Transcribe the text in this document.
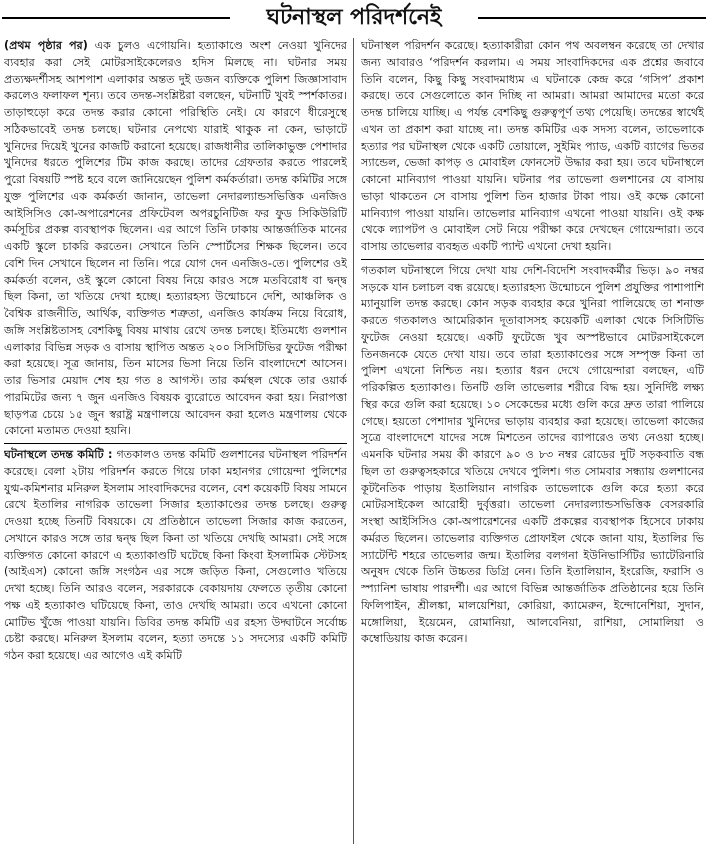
ঘটনাস্থল পরিদর্শনেই

(প্রথম পৃষ্ঠার পর) এক চুলও এগোয়নি। হত্যাকাণ্ডে অংশ নেওয়া খুনিদের ব্যবহার করা সেই মোটরসাইকেলেরও হদিস মিলছে না। ঘটনার সময় প্রত্যক্ষদর্শীসহ আশপাশ এলাকার অন্তত দুই ডজন ব্যক্তিকে পুলিশ জিজ্ঞাসাবাদ করলেও ফলাফল শূন্য। তবে তদন্ত-সংশ্লিষ্টরা বলছেন, ঘটনাটি খুবই স্পর্শকাতর। তাড়াহুড়ো করে তদন্ত করার কোনো পরিস্থিতি নেই। যে কারণে ধীরেসুস্থে সঠিকভাবেই তদন্ত চলছে। ঘটনার নেপথ্যে যারাই থাকুক না কেন, ভাড়াটে খুনিদের দিয়েই খুনের কাজটি করানো হয়েছে। রাজধানীর তালিকাভুক্ত পেশাদার খুনিদের ধরতে পুলিশের টিম কাজ করছে। তাদের গ্রেফতার করতে পারলেই পুরো বিষয়টি স্পষ্ট হবে বলে জানিয়েছেন পুলিশ কর্মকর্তারা। তদন্ত কমিটির সঙ্গে যুক্ত পুলিশের এক কর্মকর্তা জানান, তাভেলা নেদারল্যান্ডসভিত্তিক এনজিও আইসিসিও কো-অপারেশনের প্রফিটেবল অপরচুনিটিজ ফর ফুড সিকিউরিটি কর্মসূচির প্রকল্প ব্যবস্থাপক ছিলেন। এর আগে তিনি ঢাকায় আন্তর্জাতিক মানের একটি স্কুলে চাকরি করতেন। সেখানে তিনি স্পোর্টসের শিক্ষক ছিলেন। তবে বেশি দিন সেখানে ছিলেন না তিনি। পরে যোগ দেন এনজিও-তে। পুলিশের ওই কর্মকর্তা বলেন, ওই স্কুলে কোনো বিষয় নিয়ে কারও সঙ্গে মতবিরোধ বা দ্বন্দ্ব ছিল কিনা, তা খতিয়ে দেখা হচ্ছে। হত্যারহস্য উন্মোচনে দেশি, আঞ্চলিক ও বৈশ্বিক রাজনীতি, আর্থিক, ব্যক্তিগত শত্রুতা, এনজিও কার্যক্রম নিয়ে বিরোধ, জঙ্গি সংশ্লিষ্টতাসহ বেশকিছু বিষয় মাথায় রেখে তদন্ত চলছে। ইতিমধ্যে গুলশান এলাকার বিভিন্ন সড়ক ও বাসায় স্থাপিত অন্তত ২০০ সিসিটিভির ফুটেজ পরীক্ষা করা হয়েছে। সূত্র জানায়, তিন মাসের ভিসা নিয়ে তিনি বাংলাদেশে আসেন। তার ভিসার মেয়াদ শেষ হয় গত ৪ আগস্ট। তার কর্মস্থল থেকে তার ওয়ার্ক পারমিটের জন্য ৭ জুন এনজিও বিষয়ক ব্যুরোতে আবেদন করা হয়। নিরাপত্তা ছাড়পত্র চেয়ে ১৫ জুন স্বরাষ্ট্র মন্ত্রণালয়ে আবেদন করা হলেও মন্ত্রণালয় থেকে কোনো মতামত দেওয়া হয়নি।

ঘটনাস্থলে তদন্ত কমিটি : গতকালও তদন্ত কমিটি গুলশানের ঘটনাস্থল পরিদর্শন করেছে। বেলা ২টায় পরিদর্শন করতে গিয়ে ঢাকা মহানগর গোয়েন্দা পুলিশের যুগ্ম-কমিশনার মনিরুল ইসলাম সাংবাদিকদের বলেন, বেশ কয়েকটি বিষয় সামনে রেখে ইতালির নাগরিক তাভেলা সিজার হত্যাকাণ্ডের তদন্ত চলছে। গুরুত্ব দেওয়া হচ্ছে তিনটি বিষয়কে। যে প্রতিষ্ঠানে তাভেলা সিজার কাজ করতেন, সেখানে কারও সঙ্গে তার দ্বন্দ্ব ছিল কিনা তা খতিয়ে দেখছি আমরা। সেই সঙ্গে ব্যক্তিগত কোনো কারণে এ হত্যাকাণ্ডটি ঘটেছে কিনা কিংবা ইসলামিক স্টেটসহ (আইএস) কোনো জঙ্গি সংগঠন এর সঙ্গে জড়িত কিনা, সেগুলোও খতিয়ে দেখা হচ্ছে। তিনি আরও বলেন, সরকারকে বেকায়দায় ফেলতে তৃতীয় কোনো পক্ষ এই হত্যাকাণ্ড ঘটিয়েছে কিনা, তাও দেখছি আমরা। তবে এখনো কোনো মোটিভ খুঁজে পাওয়া যায়নি। ডিবির তদন্ত কমিটি এর রহস্য উদ্ঘাটনে সর্বোচ্চ চেষ্টা করছে। মনিরুল ইসলাম বলেন, হত্যা তদন্তে ১১ সদস্যের একটি কমিটি গঠন করা হয়েছে। এর আগেও এই কমিটি

ঘটনাস্থল পরিদর্শন করেছে। হত্যাকারীরা কোন পথ অবলম্বন করেছে তা দেখার জন্য আবারও ‘পরিদর্শন করলাম। এ সময় সাংবাদিকদের এক প্রশ্নের জবাবে তিনি বলেন, কিছু কিছু সংবাদমাধ্যম এ ঘটনাকে কেন্দ্র করে ‘গসিপ’ প্রকাশ করছে। তবে সেগুলোতে কান দিচ্ছি না আমরা। আমরা আমাদের মতো করে তদন্ত চালিয়ে যাচ্ছি। এ পর্যন্ত বেশকিছু গুরুত্বপূর্ণ তথ্য পেয়েছি। তদন্তের স্বার্থেই এখন তা প্রকাশ করা যাচ্ছে না। তদন্ত কমিটির এক সদস্য বলেন, তাভেলাকে হত্যার পর ঘটনাস্থল থেকে একটি তোয়ালে, সুইমিং প্যাড, একটি ব্যাগের ভিতর স্যান্ডেল, ভেজা কাপড় ও মোবাইল ফোনসেট উদ্ধার করা হয়। তবে ঘটনাস্থলে কোনো মানিব্যাগ পাওয়া যায়নি। ঘটনার পর তাভেলা গুলশানের যে বাসায় ভাড়া থাকতেন সে বাসায় পুলিশ তিন হাজার টাকা পায়। ওই কক্ষে কোনো মানিব্যাগ পাওয়া যায়নি। তাভেলার মানিব্যাগ এখনো পাওয়া যায়নি। ওই কক্ষ থেকে ল্যাপটপ ও মোবাইল সেট নিয়ে পরীক্ষা করে দেখছেন গোয়েন্দারা। তবে বাসায় তাভেলার ব্যবহৃত একটি প্যান্ট এখনো দেখা হয়নি।

গতকাল ঘটনাস্থলে গিয়ে দেখা যায় দেশি-বিদেশি সংবাদকর্মীর ভিড়। ৯০ নম্বর সড়কে যান চলাচল বন্ধ রয়েছে। হত্যারহস্য উন্মোচনে পুলিশ প্রযুক্তির পাশাপাশি ম্যানুয়ালি তদন্ত করছে। কোন সড়ক ব্যবহার করে খুনিরা পালিয়েছে তা শনাক্ত করতে গতকালও আমেরিকান দূতাবাসসহ কয়েকটি এলাকা থেকে সিসিটিভি ফুটেজ নেওয়া হয়েছে। একটি ফুটেজে খুব অস্পষ্টভাবে মোটরসাইকেলে তিনজনকে যেতে দেখা যায়। তবে তারা হত্যাকাণ্ডের সঙ্গে সম্পৃক্ত কিনা তা পুলিশ এখনো নিশ্চিত নয়। হত্যার ধরন দেখে গোয়েন্দারা বলছেন, এটি পরিকল্পিত হত্যাকাণ্ড। তিনটি গুলি তাভেলার শরীরে বিদ্ধ হয়। সুনির্দিষ্ট লক্ষ্য স্থির করে গুলি করা হয়েছে। ১০ সেকেন্ডের মধ্যে গুলি করে দ্রুত তারা পালিয়ে গেছে। হয়তো পেশাদার খুনিদের ভাড়ায় ব্যবহার করা হয়েছে। তাভেলা কাজের সূত্রে বাংলাদেশে যাদের সঙ্গে মিশতেন তাদের ব্যাপারেও তথ্য নেওয়া হচ্ছে। এমনকি ঘটনার সময় কী কারণে ৯০ ও ৮৩ নম্বর রোডের দুটি সড়কবাতি বন্ধ ছিল তা গুরুত্বসহকারে খতিয়ে দেখবে পুলিশ। গত সোমবার সন্ধ্যায় গুলশানের কূটনৈতিক পাড়ায় ইতালিয়ান নাগরিক তাভেলাকে গুলি করে হত্যা করে মোটরসাইকেল আরোহী দুর্বৃত্তরা। তাভেলা নেদারল্যান্ডসভিত্তিক বেসরকারি সংস্থা আইসিসিও কো-অপারেশনের একটি প্রকল্পের ব্যবস্থাপক হিসেবে ঢাকায় কর্মরত ছিলেন। তাভেলার ব্যক্তিগত প্রোফাইল থেকে জানা যায়, ইতালির ভি স্যাটেন্টি শহরে তাভেলার জন্ম। ইতালির বলগনা ইউনিভার্সিটির ভ্যাটেরিনারি অনুষদ থেকে তিনি উচ্চতর ডিগ্রি নেন। তিনি ইতালিয়ান, ইংরেজি, ফরাসি ও স্প্যানিশ ভাষায় পারদর্শী। এর আগে বিভিন্ন আন্তর্জাতিক প্রতিষ্ঠানের হয়ে তিনি ফিলিপাইন, শ্রীলঙ্কা, মালয়েশিয়া, কোরিয়া, ক্যামেরুন, ইন্দোনেশিয়া, সুদান, মঙ্গোলিয়া, ইয়েমেন, রোমানিয়া, আলবেনিয়া, রাশিয়া, সোমালিয়া ও কম্বোডিয়ায় কাজ করেন।
